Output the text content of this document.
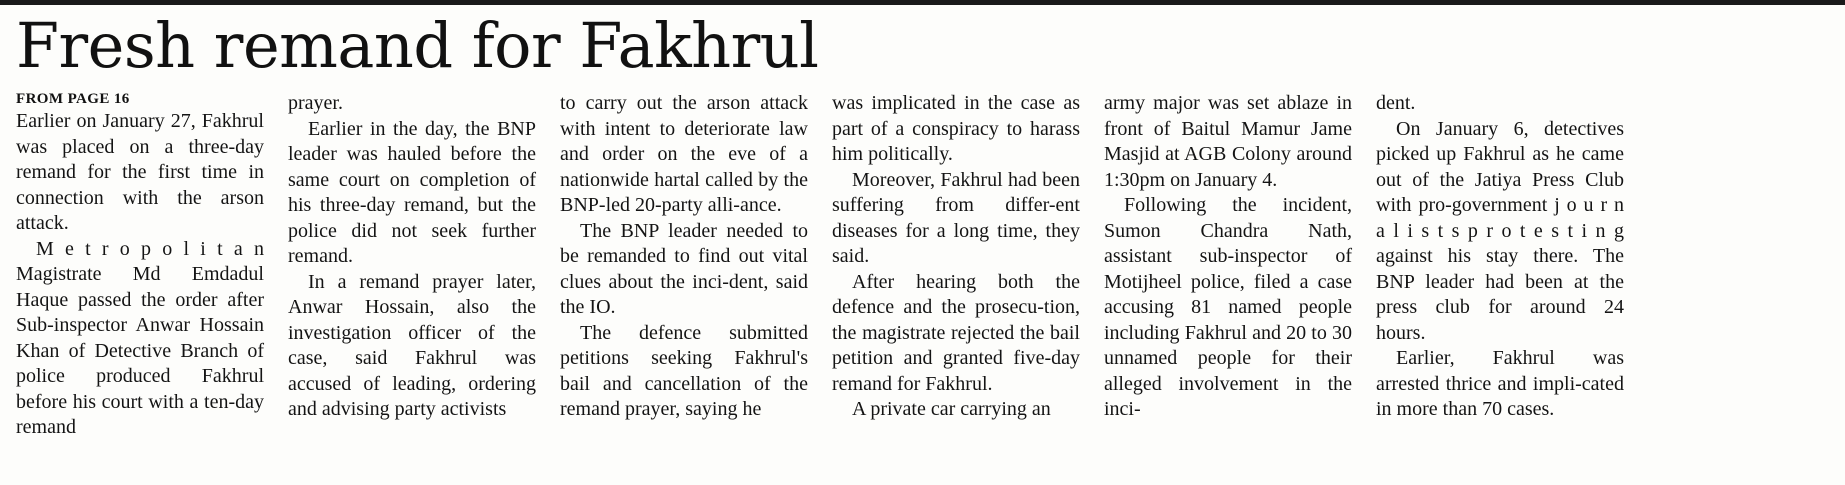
Fresh remand for Fakhrul
FROM PAGE 16

Earlier on January 27, Fakhrul was placed on a three-day remand for the first time in connection with the arson attack.

M e t r o p o l i t a n Magistrate Md Emdadul Haque passed the order after Sub-inspector Anwar Hossain Khan of Detective Branch of police produced Fakhrul before his court with a ten-day remand

prayer.

Earlier in the day, the BNP leader was hauled before the same court on completion of his three-day remand, but the police did not seek further remand.

In a remand prayer later, Anwar Hossain, also the investigation officer of the case, said Fakhrul was accused of leading, ordering and advising party activists

to carry out the arson attack with intent to deteriorate law and order on the eve of a nationwide hartal called by the BNP-led 20-party alli-ance.

The BNP leader needed to be remanded to find out vital clues about the inci-dent, said the IO.

The defence submitted petitions seeking Fakhrul's bail and cancellation of the remand prayer, saying he

was implicated in the case as part of a conspiracy to harass him politically.

Moreover, Fakhrul had been suffering from differ-ent diseases for a long time, they said.

After hearing both the defence and the prosecu-tion, the magistrate rejected the bail petition and granted five-day remand for Fakhrul.

A private car carrying an

army major was set ablaze in front of Baitul Mamur Jame Masjid at AGB Colony around 1:30pm on January 4.

Following the incident, Sumon Chandra Nath, assistant sub-inspector of Motijheel police, filed a case accusing 81 named people including Fakhrul and 20 to 30 unnamed people for their alleged involvement in the inci-

dent.

On January 6, detectives picked up Fakhrul as he came out of the Jatiya Press Club with pro-government j o u r n a l i s t s p r o t e s t i n g against his stay there. The BNP leader had been at the press club for around 24 hours.

Earlier, Fakhrul was arrested thrice and impli-cated in more than 70 cases.
